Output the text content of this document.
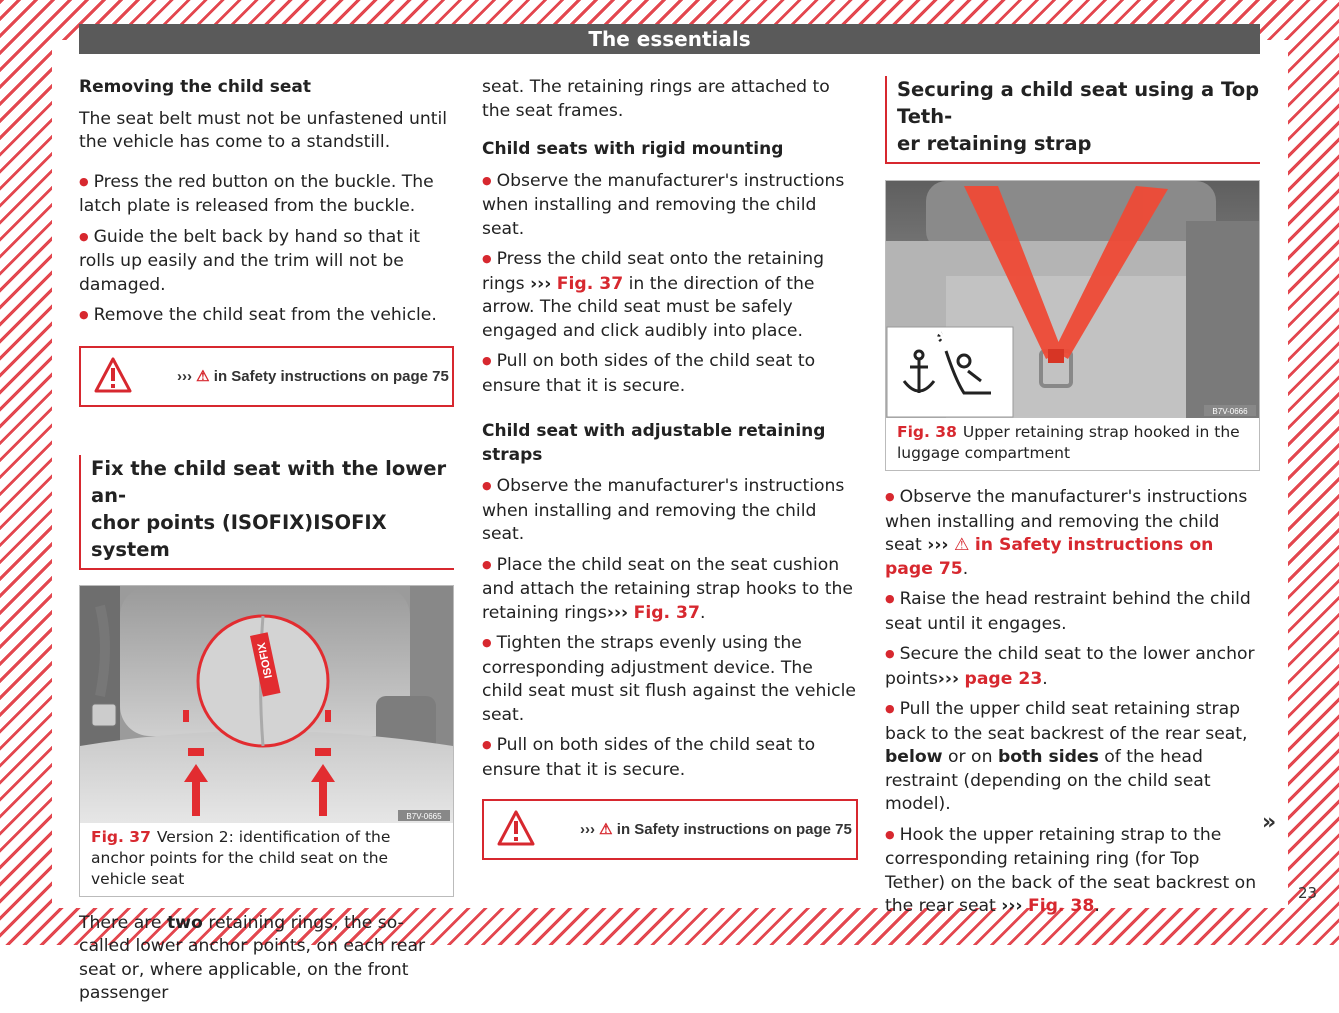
The essentials

Removing the child seat

The seat belt must not be unfastened until the vehicle has come to a standstill.

● Press the red button on the buckle. The latch plate is released from the buckle.

● Guide the belt back by hand so that it rolls up easily and the trim will not be damaged.

● Remove the child seat from the vehicle.

››› ⚠ in Safety instructions on page 75
Fix the child seat with the lower an-
chor points (ISOFIX)ISOFIX system
ISOFIX
B7V-0665
Fig. 37 Version 2: identification of the anchor points for the child seat on the vehicle seat

There are two retaining rings, the so-called lower anchor points, on each rear seat or, where applicable, on the front passenger

seat. The retaining rings are attached to the seat frames.

Child seats with rigid mounting

● Observe the manufacturer's instructions when installing and removing the child seat.

● Press the child seat onto the retaining rings ››› Fig. 37 in the direction of the arrow. The child seat must be safely engaged and click audibly into place.

● Pull on both sides of the child seat to ensure that it is secure.

Child seat with adjustable retaining straps

● Observe the manufacturer's instructions when installing and removing the child seat.

● Place the child seat on the seat cushion and attach the retaining strap hooks to the retaining rings››› Fig. 37.

● Tighten the straps evenly using the corresponding adjustment device. The child seat must sit flush against the vehicle seat.

● Pull on both sides of the child seat to ensure that it is secure.

››› ⚠ in Safety instructions on page 75
Securing a child seat using a Top Teth-
er retaining strap
B7V-0666
Fig. 38 Upper retaining strap hooked in the luggage compartment

● Observe the manufacturer's instructions when installing and removing the child seat ››› ⚠ in Safety instructions on page 75.

● Raise the head restraint behind the child seat until it engages.

● Secure the child seat to the lower anchor points››› page 23.

● Pull the upper child seat retaining strap back to the seat backrest of the rear seat, below or on both sides of the head restraint (depending on the child seat model).

● Hook the upper retaining strap to the corresponding retaining ring (for Top Tether) on the back of the seat backrest on the rear seat ››› Fig. 38.

»
23
